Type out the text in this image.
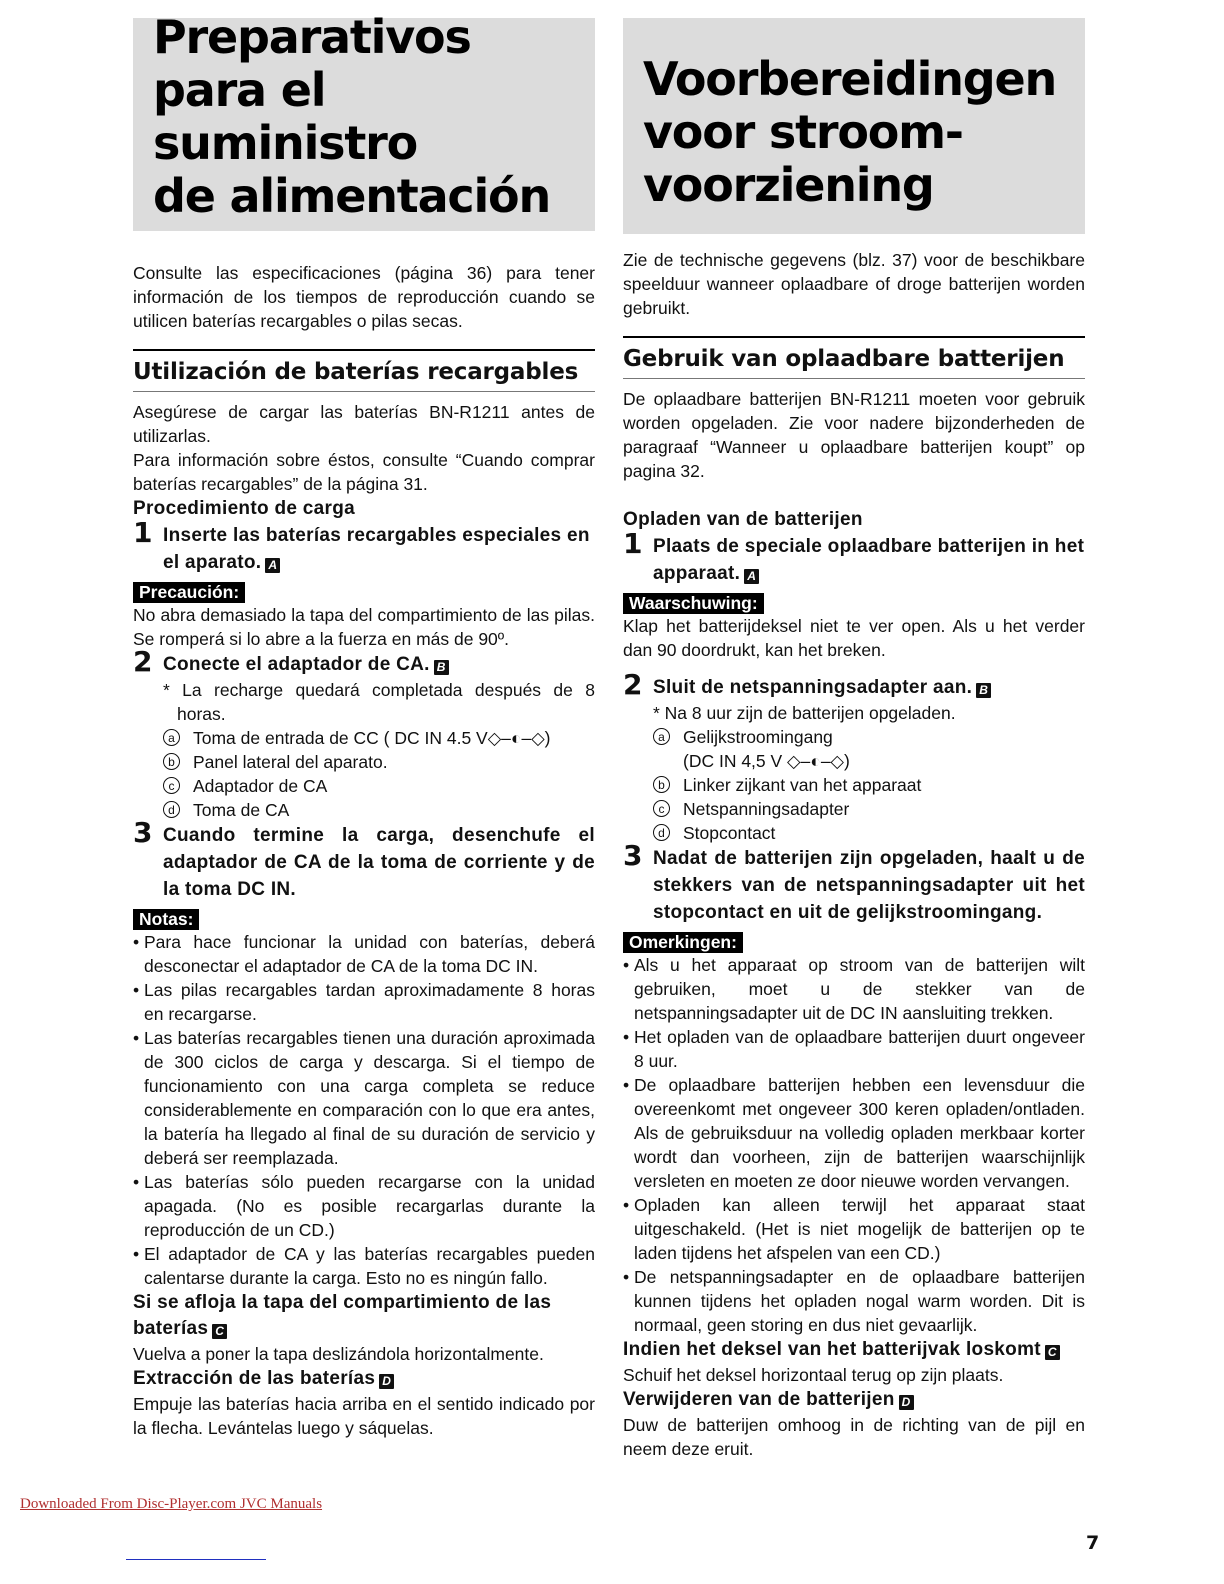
Preparativos
para el suministro
de alimentación

Consulte las especificaciones (página 36) para tener información de los tiempos de reproducción cuando se utilicen baterías recargables o pilas secas.

Utilización de baterías recargables

Asegúrese de cargar las baterías BN-R1211 antes de utilizarlas.

Para información sobre éstos, consulte “Cuando comprar baterías recargables” de la página 31.

Procedimiento de carga
1 Inserte las baterías recargables especiales en el aparato. A
Precaución:

No abra demasiado la tapa del compartimiento de las pilas. Se romperá si lo abre a la fuerza en más de 90º.

2 Conecte el adaptador de CA. B

* La recharge quedará completada después de 8 horas.

a Toma de entrada de CC ( DC IN 4.5 V◇–◐–◇)
b Panel lateral del aparato.
c	Adaptador de CA
d Toma de CA
3 Cuando termine la carga, desenchufe el adaptador de CA de la toma de corriente y de la toma DC IN.
Notas:
• Para hace funcionar la unidad con baterías, deberá desconectar el adaptador de CA de la toma DC IN.
• Las pilas recargables tardan aproximadamente 8 horas en recargarse.
• Las baterías recargables tienen una duración aproximada de 300 ciclos de carga y descarga. Si el tiempo de funcionamiento con una carga completa se reduce considerablemente en comparación con lo que era antes, la batería ha llegado al final de su duración de servicio y deberá ser reemplazada.
• Las baterías sólo pueden recargarse con la unidad apagada. (No es posible recargarlas durante la reproducción de un CD.)
• El adaptador de CA y las baterías recargables pueden calentarse durante la carga. Esto no es ningún fallo.
Si se afloja la tapa del compartimiento de las baterías C

Vuelva a poner la tapa deslizándola horizontalmente.

Extracción de las baterías D

Empuje las baterías hacia arriba en el sentido indicado por la flecha. Levántelas luego y sáquelas.

Voorbereidingen
voor stroom-
voorziening

Zie de technische gegevens (blz. 37) voor de beschikbare speelduur wanneer oplaadbare of droge batterijen worden gebruikt.

Gebruik van oplaadbare batterijen

De oplaadbare batterijen BN-R1211 moeten voor gebruik worden opgeladen. Zie voor nadere bijzonderheden de paragraaf “Wanneer u oplaadbare batterijen koupt” op pagina 32.

Opladen van de batterijen
1 Plaats de speciale oplaadbare batterijen in het apparaat. A
Waarschuwing:

Klap het batterijdeksel niet te ver open. Als u het verder dan 90 doordrukt, kan het breken.

2 Sluit de netspanningsadapter aan. B

* Na 8 uur zijn de batterijen opgeladen.

a Gelijkstroomingang
(DC IN 4,5 V ◇–◐–◇)
b Linker zijkant van het apparaat
c	Netspanningsadapter
d Stopcontact
3 Nadat de batterijen zijn opgeladen, haalt u de stekkers van de netspanningsadapter uit het stopcontact en uit de gelijkstroomingang.
Omerkingen:
• Als u het apparaat op stroom van de batterijen wilt gebruiken, moet u de stekker van de netspanningsadapter uit de DC IN aansluiting trekken.
• Het opladen van de oplaadbare batterijen duurt ongeveer 8 uur.
• De oplaadbare batterijen hebben een levensduur die overeenkomt met ongeveer 300 keren opladen/ontladen. Als de gebruiksduur na volledig opladen merkbaar korter wordt dan voorheen, zijn de batterijen waarschijnlijk versleten en moeten ze door nieuwe worden vervangen.
• Opladen kan alleen terwijl het apparaat staat uitgeschakeld. (Het is niet mogelijk de batterijen op te laden tijdens het afspelen van een CD.)
• De netspanningsadapter en de oplaadbare batterijen kunnen tijdens het opladen nogal warm worden. Dit is normaal, geen storing en dus niet gevaarlijk.
Indien het deksel van het batterijvak loskomt C

Schuif het deksel horizontaal terug op zijn plaats.

Verwijderen van de batterijen D

Duw de batterijen omhoog in de richting van de pijl en neem deze eruit.

Downloaded From Disc-Player.com JVC Manuals
7
